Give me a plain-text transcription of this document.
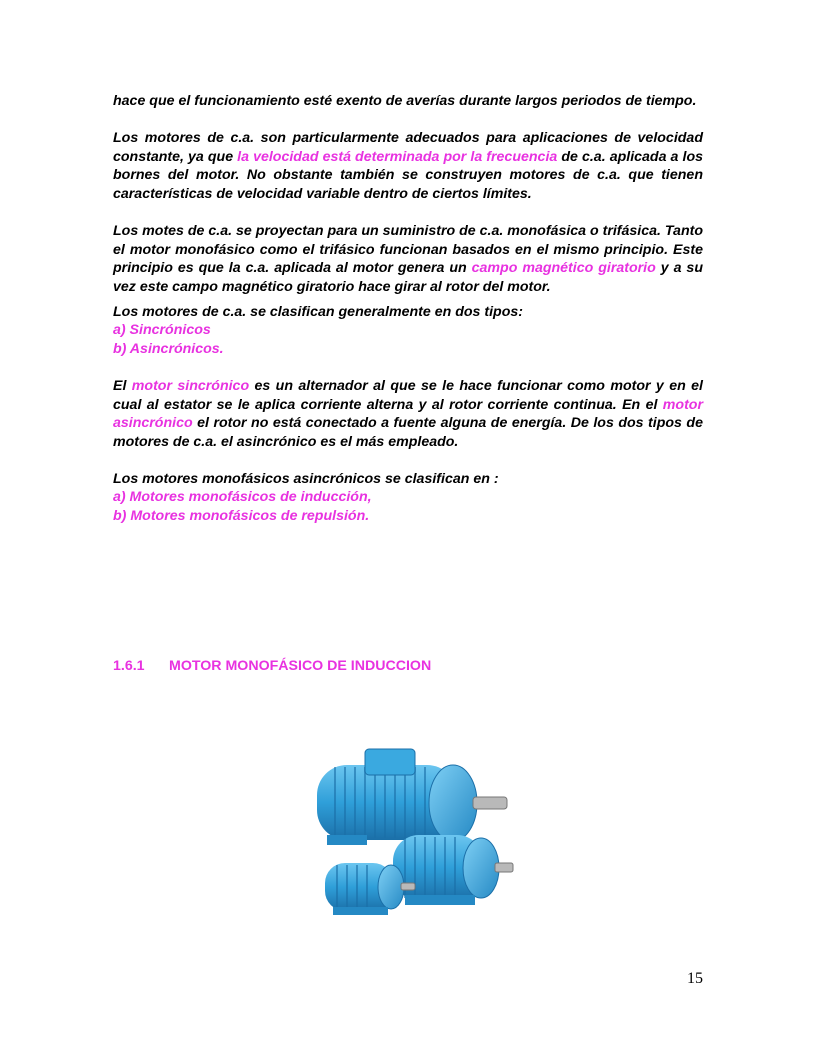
hace que el funcionamiento esté exento de averías durante largos periodos de tiempo.

Los motores de c.a. son particularmente adecuados para aplicaciones de velocidad constante, ya que la velocidad está determinada por la frecuencia de c.a. aplicada a los bornes del motor. No obstante también se construyen motores de c.a. que tienen características de velocidad variable dentro de ciertos límites.

Los motes de c.a. se proyectan para un suministro de c.a. monofásica o trifásica. Tanto el motor monofásico como el trifásico funcionan basados en el mismo principio. Este principio es que la c.a. aplicada al motor genera un campo magnético giratorio y a su vez este campo magnético giratorio hace girar al rotor del motor.

Los motores de c.a. se clasifican generalmente en dos tipos:

a) Sincrónicos

b) Asincrónicos.

El motor sincrónico es un alternador al que se le hace funcionar como motor y en el cual al estator se le aplica corriente alterna y al rotor corriente continua. En el motor asincrónico el rotor no está conectado a fuente alguna de energía. De los dos tipos de motores de c.a. el asincrónico es el más empleado.

Los motores monofásicos asincrónicos se clasifican en :

a) Motores monofásicos de inducción,

b) Motores monofásicos de repulsión.

1.6.1 MOTOR MONOFÁSICO DE INDUCCION
15
